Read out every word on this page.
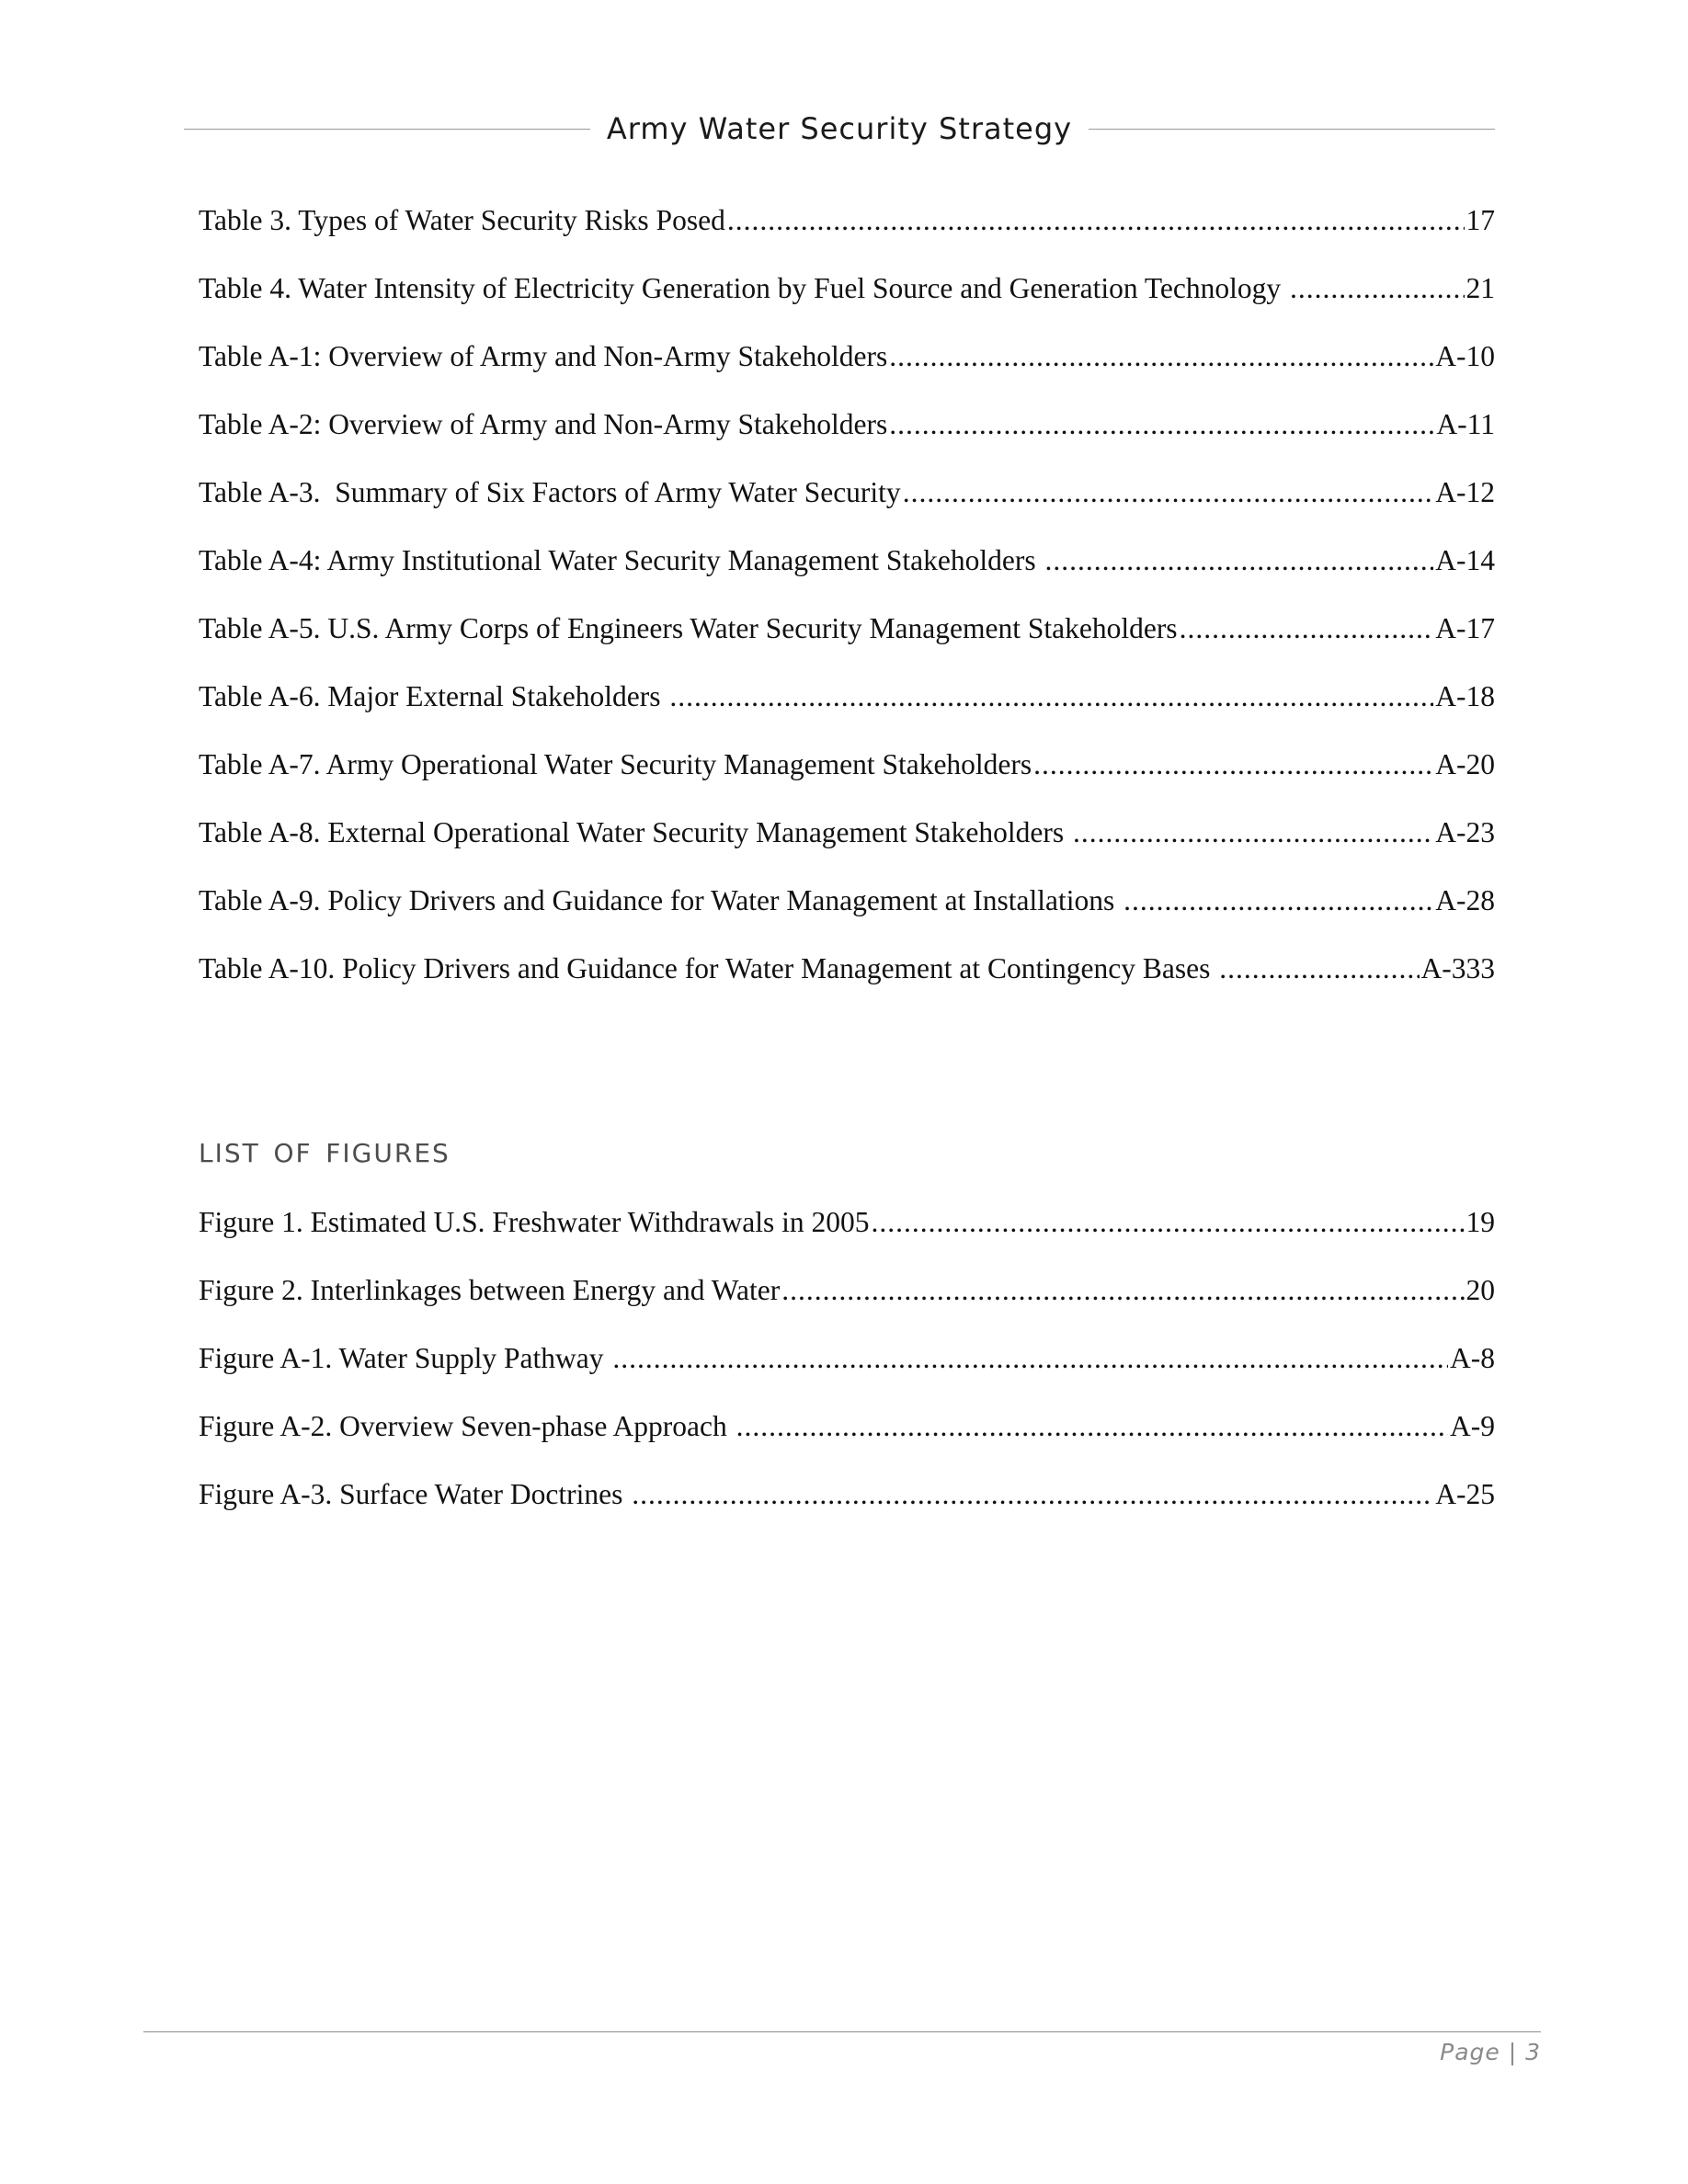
Army Water Security Strategy
Table 3. Types of Water Security Risks Posed .....	17
Table 4. Water Intensity of Electricity Generation by Fuel Source and Generation Technology .....	21
Table A-1: Overview of Army and Non-Army Stakeholders .....	A-10
Table A-2: Overview of Army and Non-Army Stakeholders .....	A-11
Table A-3.  Summary of Six Factors of Army Water Security .....	A-12
Table A-4: Army Institutional Water Security Management Stakeholders .....	A-14
Table A-5. U.S. Army Corps of Engineers Water Security Management Stakeholders .....	A-17
Table A-6. Major External Stakeholders .....	A-18
Table A-7. Army Operational Water Security Management Stakeholders .....	A-20
Table A-8. External Operational Water Security Management Stakeholders .....	A-23
Table A-9. Policy Drivers and Guidance for Water Management at Installations .....	A-28
Table A-10. Policy Drivers and Guidance for Water Management at Contingency Bases .....	A-333
list of figures
Figure 1. Estimated U.S. Freshwater Withdrawals in 2005 .....	19
Figure 2. Interlinkages between Energy and Water .....	20
Figure A-1. Water Supply Pathway .....	A-8
Figure A-2. Overview Seven-phase Approach .....	A-9
Figure A-3. Surface Water Doctrines .....	A-25
Page | 3
